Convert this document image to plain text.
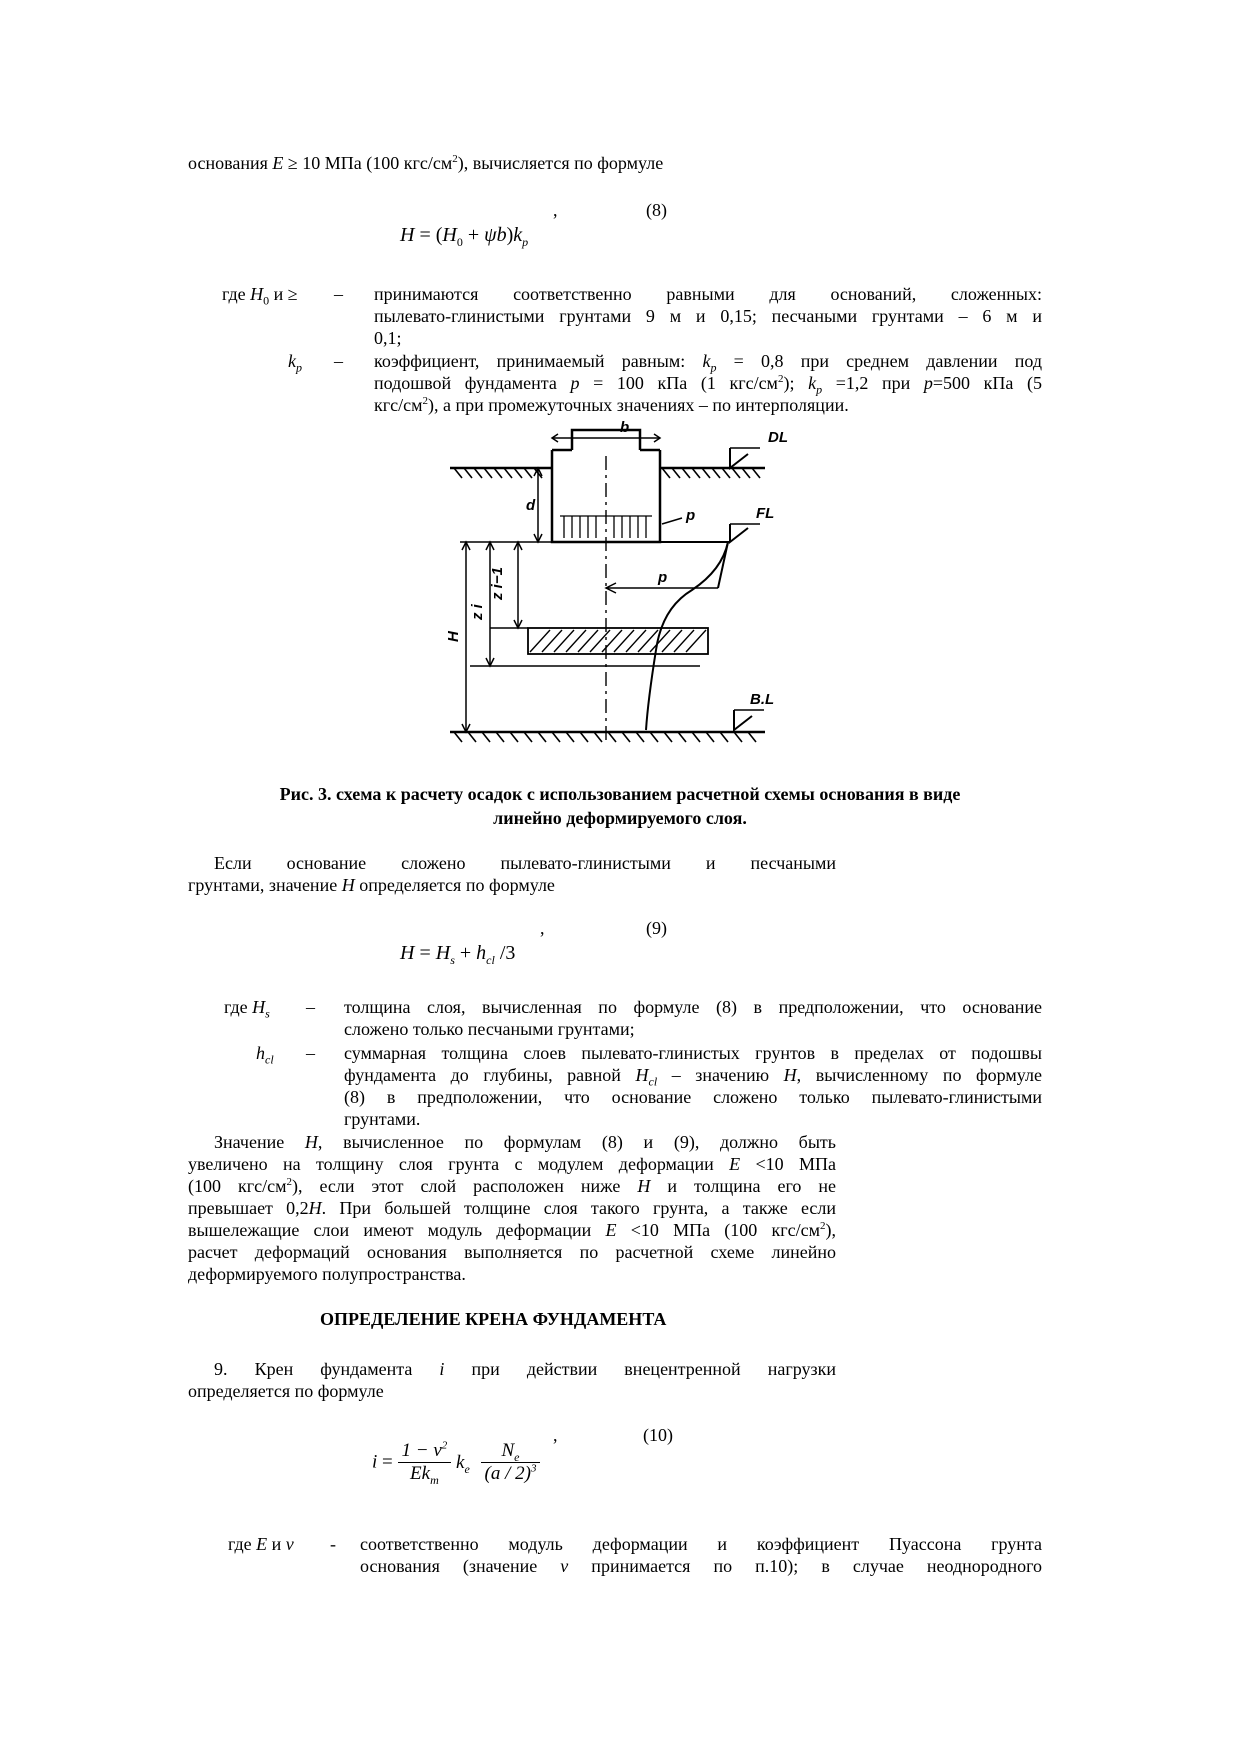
основания E ≥ 10 МПа (100 кгс/$см^2$), вычисляется по формуле
$H = (H_0 + \psi b)k_p$
,	(8)
где $H_0$ и ≥ – принимаются соответственно равными для оснований, сложенных:
пылевато-глинистыми грунтами 9 м и 0,15; песчаными грунтами – 6 м и
0,1;
$k_p$ – коэффициент, принимаемый равным: $k_p = 0,8$ при среднем давлении под
подошвой фундамента p = 100 кПа (1 кгс/$см^2$); $k_p =1,2$ при p=500 кПа (5
кгс/$см^2$), а при промежуточных значениях – по интерполяции.
b
DL
FL
d
p
p
z i−1
z i
H
B.L
Рис. 3. схема к расчету осадок с использованием расчетной схемы основания в виде
линейно деформируемого слоя.
Если основание сложено пылевато-глинистыми и песчаными
грунтами, значение H определяется по формуле
$H = H_s + h_{cl}$ /3
,	(9)
где $H_s$ – толщина слоя, вычисленная по формуле (8) в предположении, что основание
сложено только песчаными грунтами;
$h_{cl}$ – суммарная толщина слоев пылевато-глинистых грунтов в пределах от подошвы
фундамента до глубины, равной $H_{cl}$ – значению H, вычисленному по формуле
(8) в предположении, что основание сложено только пылевато-глинистыми
грунтами.
Значение H, вычисленное по формулам (8) и (9), должно быть
увеличено на толщину слоя грунта с модулем деформации E <10 МПа
(100 кгс/$см^2$), если этот слой расположен ниже H и толщина его не
превышает 0,2H. При большей толщине слоя такого грунта, а также если
вышележащие слои имеют модуль деформации E <10 МПа (100 кгс/$см^2$),
расчет деформаций основания выполняется по расчетной схеме линейно
деформируемого полупространства.
ОПРЕДЕЛЕНИЕ КРЕНА ФУНДАМЕНТА
9. Крен фундамента i при действии внецентренной нагрузки
определяется по формуле
$i = \frac{1 - \nu^2}{Ek_m} k_e \frac{N_e}{(a / 2)^3}$
,	(10)
где E и ν - соответственно модуль деформации и коэффициент Пуассона грунта
основания (значение ν принимается по п.10); в случае неоднородного
